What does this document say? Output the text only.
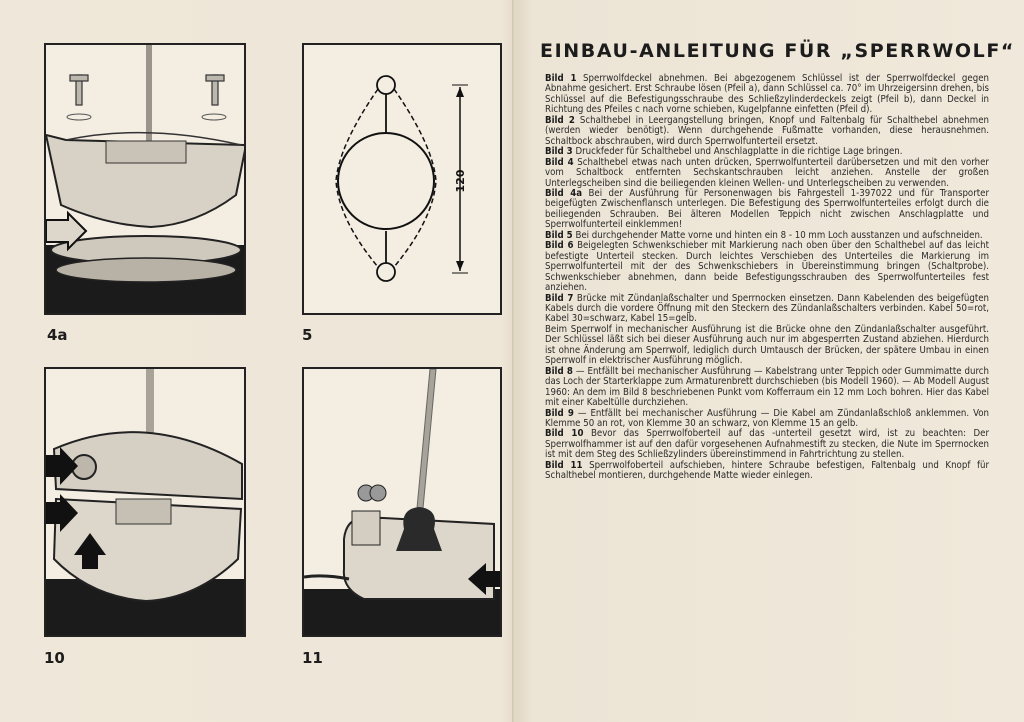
4a
120
5
10	11
EINBAU-ANLEITUNG FÜR „SPERRWOLF“

Bild 1 Sperrwolfdeckel abnehmen. Bei abgezogenem Schlüssel ist der Sperrwolfdeckel gegen Abnahme gesichert. Erst Schraube lösen (Pfeil a), dann Schlüssel ca. 70° im Uhrzeigersinn drehen, bis Schlüssel auf die Befestigungsschraube des Schließzylinderdeckels zeigt (Pfeil b), dann Deckel in Richtung des Pfeiles c nach vorne schieben, Kugelpfanne einfetten (Pfeil d).

Bild 2 Schalthebel in Leergangstellung bringen, Knopf und Faltenbalg für Schalthebel abnehmen (werden wieder benötigt). Wenn durchgehende Fußmatte vorhanden, diese herausnehmen. Schaltbock abschrauben, wird durch Sperrwolfunterteil ersetzt.

Bild 3 Druckfeder für Schalthebel und Anschlagplatte in die richtige Lage bringen.

Bild 4 Schalthebel etwas nach unten drücken, Sperrwolfunterteil darübersetzen und mit den vorher vom Schaltbock entfernten Sechskantschrauben leicht anziehen. Anstelle der großen Unterlegscheiben sind die beiliegenden kleinen Wellen- und Unterlegscheiben zu verwenden.

Bild 4a Bei der Ausführung für Personenwagen bis Fahrgestell 1-397022 und für Transporter beigefügten Zwischenflansch unterlegen. Die Befestigung des Sperrwolfunterteiles erfolgt durch die beiliegenden Schrauben. Bei älteren Modellen Teppich nicht zwischen Anschlagplatte und Sperrwolfunterteil einklemmen!

Bild 5 Bei durchgehender Matte vorne und hinten ein 8 - 10 mm Loch ausstanzen und aufschneiden.

Bild 6 Beigelegten Schwenkschieber mit Markierung nach oben über den Schalthebel auf das leicht befestigte Unterteil stecken. Durch leichtes Verschieben des Unterteiles die Markierung im Sperrwolfunterteil mit der des Schwenkschiebers in Übereinstimmung bringen (Schaltprobe). Schwenkschieber abnehmen, dann beide Befestigungsschrauben des Sperrwolfunterteiles fest anziehen.

Bild 7 Brücke mit Zündanlaßschalter und Sperrnocken einsetzen. Dann Kabelenden des beigefügten Kabels durch die vordere Öffnung mit den Steckern des Zündanlaßschalters verbinden. Kabel 50=rot, Kabel 30=schwarz, Kabel 15=gelb.

Beim Sperrwolf in mechanischer Ausführung ist die Brücke ohne den Zündanlaßschalter ausgeführt. Der Schlüssel läßt sich bei dieser Ausführung auch nur im abgesperrten Zustand abziehen. Hierdurch ist ohne Änderung am Sperrwolf, lediglich durch Umtausch der Brücken, der spätere Umbau in einen Sperrwolf in elektrischer Ausführung möglich.

Bild 8 — Entfällt bei mechanischer Ausführung — Kabelstrang unter Teppich oder Gummimatte durch das Loch der Starterklappe zum Armaturenbrett durchschieben (bis Modell 1960). — Ab Modell August 1960: An dem im Bild 8 beschriebenen Punkt vom Kofferraum ein 12 mm Loch bohren. Hier das Kabel mit einer Kabeltülle durchziehen.

Bild 9 — Entfällt bei mechanischer Ausführung — Die Kabel am Zündanlaßschloß anklemmen. Von Klemme 50 an rot, von Klemme 30 an schwarz, von Klemme 15 an gelb.

Bild 10 Bevor das Sperrwolfoberteil auf das -unterteil gesetzt wird, ist zu beachten: Der Sperrwolfhammer ist auf den dafür vorgesehenen Aufnahmestift zu stecken, die Nute im Sperrnocken ist mit dem Steg des Schließzylinders übereinstimmend in Fahrtrichtung zu stellen.

Bild 11 Sperrwolfoberteil aufschieben, hintere Schraube befestigen, Faltenbalg und Knopf für Schalthebel montieren, durchgehende Matte wieder einlegen.
